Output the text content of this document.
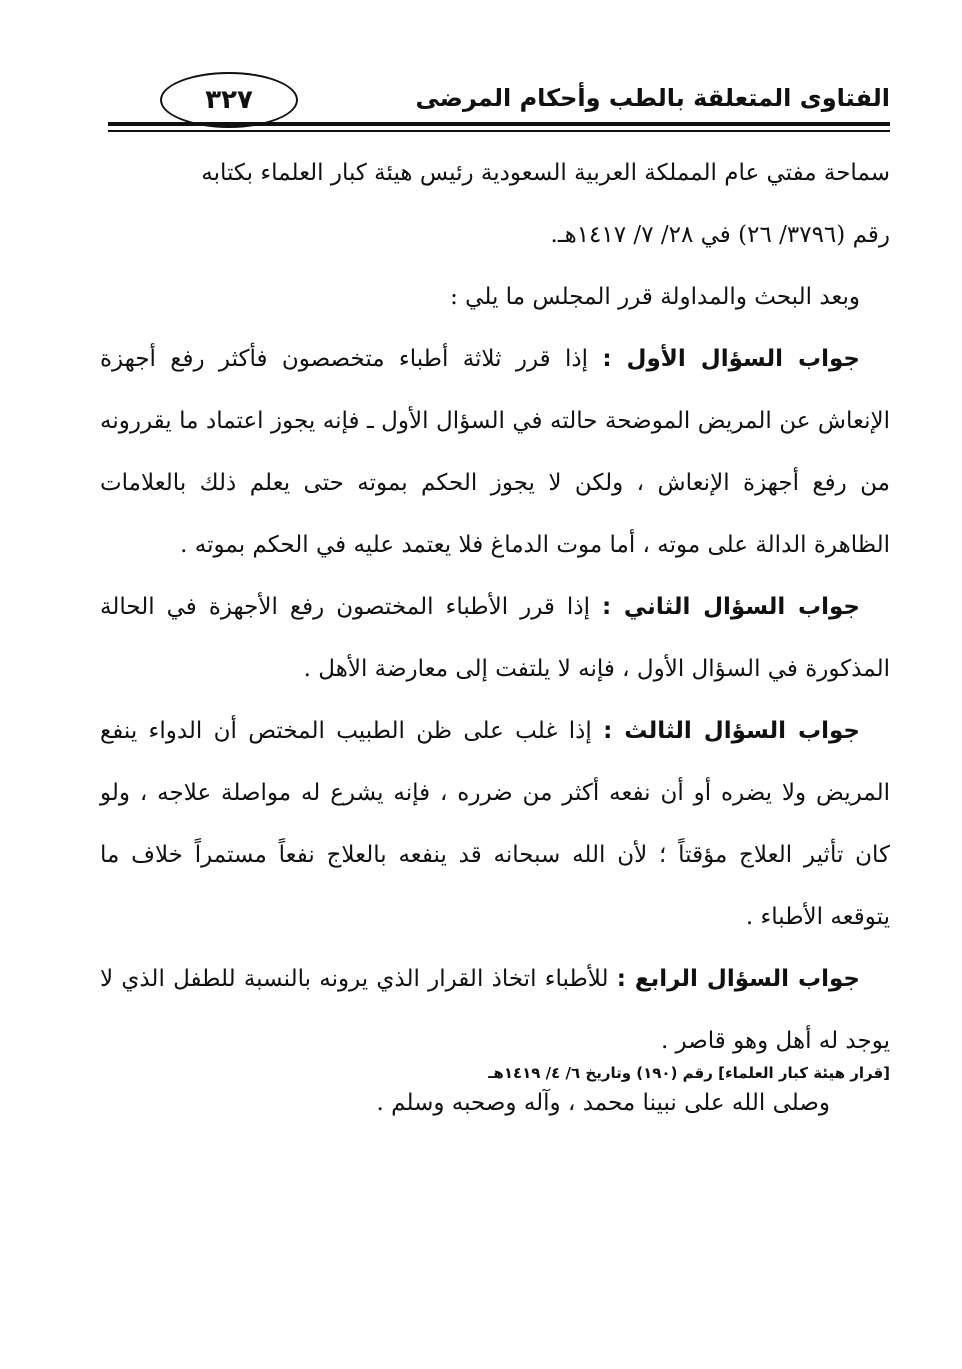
الفتاوى المتعلقة بالطب وأحكام المرضى
٣٢٧

سماحة مفتي عام المملكة العربية السعودية رئيس هيئة كبار العلماء بكتابه
رقم (٣٧٩٦/ ٢٦) في ٢٨/ ٧/ ١٤١٧هـ.

وبعد البحث والمداولة قرر المجلس ما يلي :

جواب السؤال الأول : إذا قرر ثلاثة أطباء متخصصون فأكثر رفع أجهزة الإنعاش عن المريض الموضحة حالته في السؤال الأول ـ فإنه يجوز اعتماد ما يقررونه من رفع أجهزة الإنعاش ، ولكن لا يجوز الحكم بموته حتى يعلم ذلك بالعلامات الظاهرة الدالة على موته ، أما موت الدماغ فلا يعتمد عليه في الحكم بموته .

جواب السؤال الثاني : إذا قرر الأطباء المختصون رفع الأجهزة في الحالة المذكورة في السؤال الأول ، فإنه لا يلتفت إلى معارضة الأهل .

جواب السؤال الثالث : إذا غلب على ظن الطبيب المختص أن الدواء ينفع المريض ولا يضره أو أن نفعه أكثر من ضرره ، فإنه يشرع له مواصلة علاجه ، ولو كان تأثير العلاج مؤقتاً ؛ لأن الله سبحانه قد ينفعه بالعلاج نفعاً مستمراً خلاف ما يتوقعه الأطباء .

جواب السؤال الرابع : للأطباء اتخاذ القرار الذي يرونه بالنسبة للطفل الذي لا يوجد له أهل وهو قاصر .

وصلى الله على نبينا محمد ، وآله وصحبه وسلم .

[قرار هيئة كبار العلماء] رقم (١٩٠) وتاريخ ٦/ ٤/ ١٤١٩هـ
